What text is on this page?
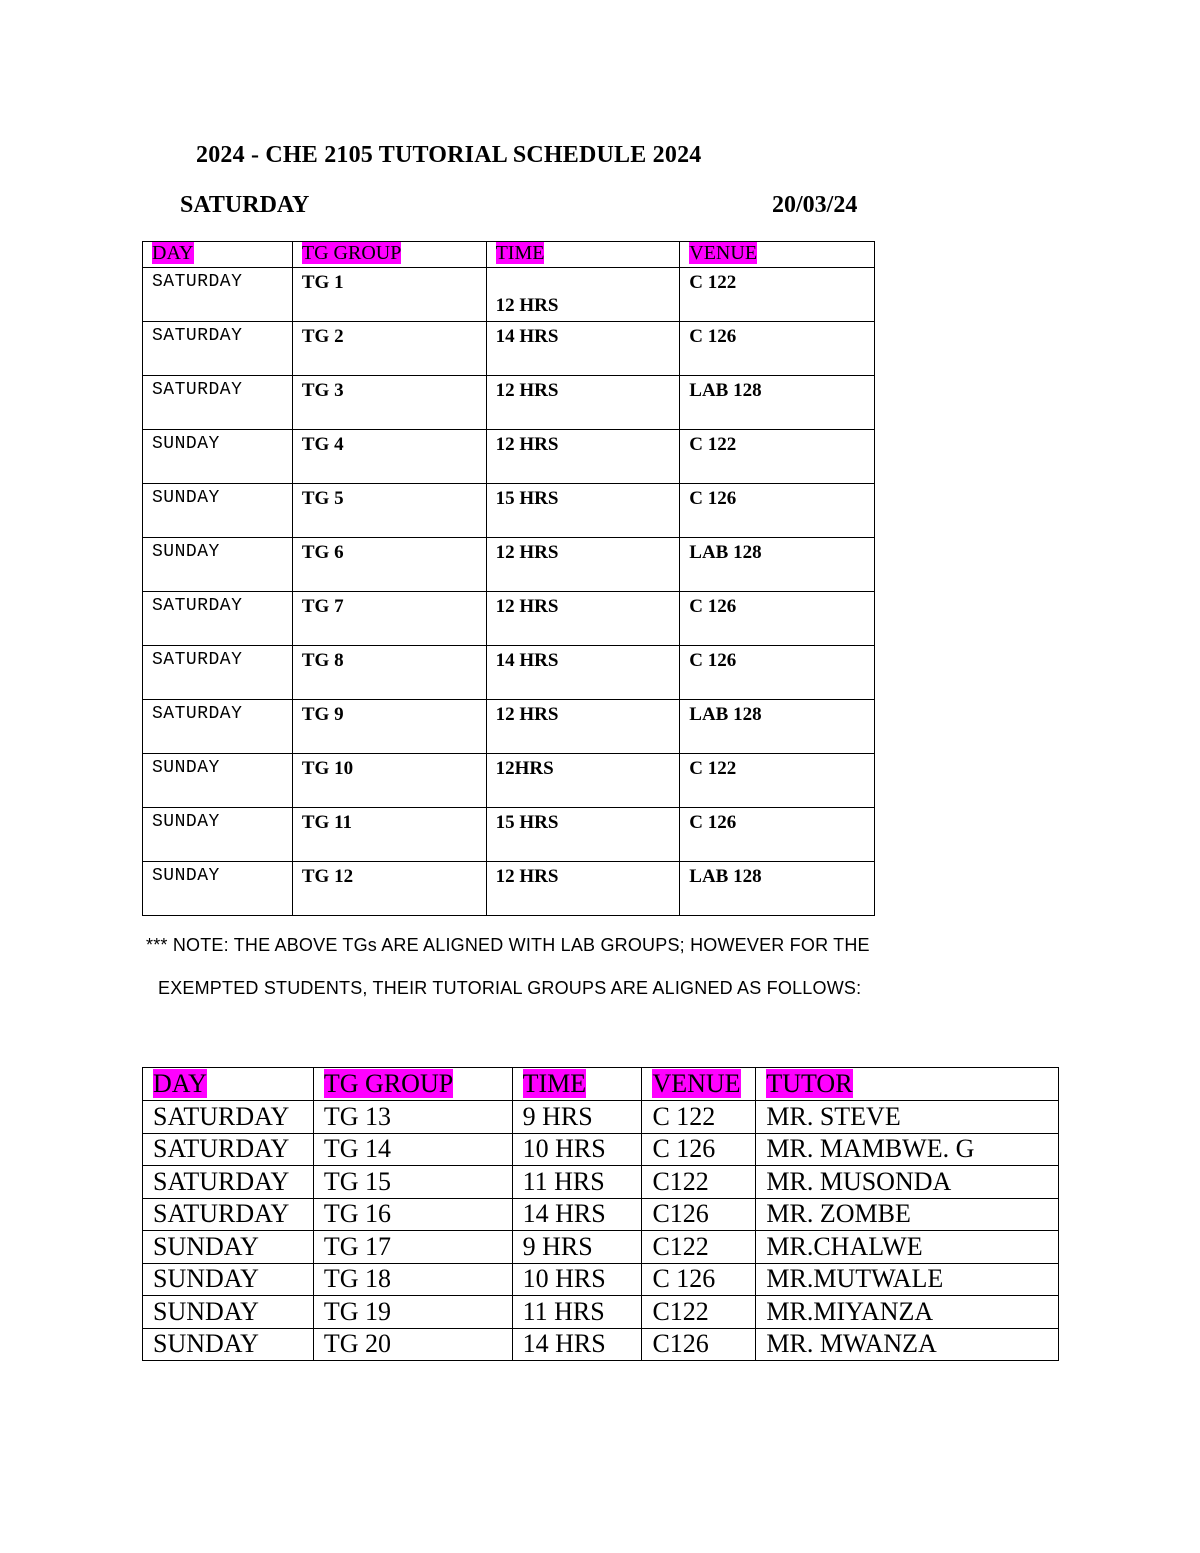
2024 - CHE 2105 TUTORIAL SCHEDULE 2024
SATURDAY	20/03/24
DAY	TG GROUP	TIME	VENUE
SATURDAY	TG 1	12 HRS	C 122
SATURDAY	TG 2	14 HRS	C 126
SATURDAY	TG 3	12 HRS	LAB 128
SUNDAY	TG 4	12 HRS	C 122
SUNDAY	TG 5	15 HRS	C 126
SUNDAY	TG 6	12 HRS	LAB 128
SATURDAY	TG 7	12 HRS	C 126
SATURDAY	TG 8	14 HRS	C 126
SATURDAY	TG 9	12 HRS	LAB 128
SUNDAY	TG 10	12HRS	C 122
SUNDAY	TG 11	15 HRS	C 126
SUNDAY	TG 12	12 HRS	LAB 128
*** NOTE: THE ABOVE TGs ARE ALIGNED WITH LAB GROUPS; HOWEVER FOR THE
EXEMPTED STUDENTS, THEIR TUTORIAL GROUPS ARE ALIGNED AS FOLLOWS:
DAY	TG GROUP	TIME	VENUE	TUTOR
SATURDAY	TG 13	9 HRS	C 122	MR. STEVE
SATURDAY	TG 14	10 HRS	C 126	MR. MAMBWE. G
SATURDAY	TG 15	11 HRS	C122	MR. MUSONDA
SATURDAY	TG 16	14 HRS	C126	MR. ZOMBE
SUNDAY	TG 17	9 HRS	C122	MR.CHALWE
SUNDAY	TG 18	10 HRS	C 126	MR.MUTWALE
SUNDAY	TG 19	11 HRS	C122	MR.MIYANZA
SUNDAY	TG 20	14 HRS	C126	MR. MWANZA
